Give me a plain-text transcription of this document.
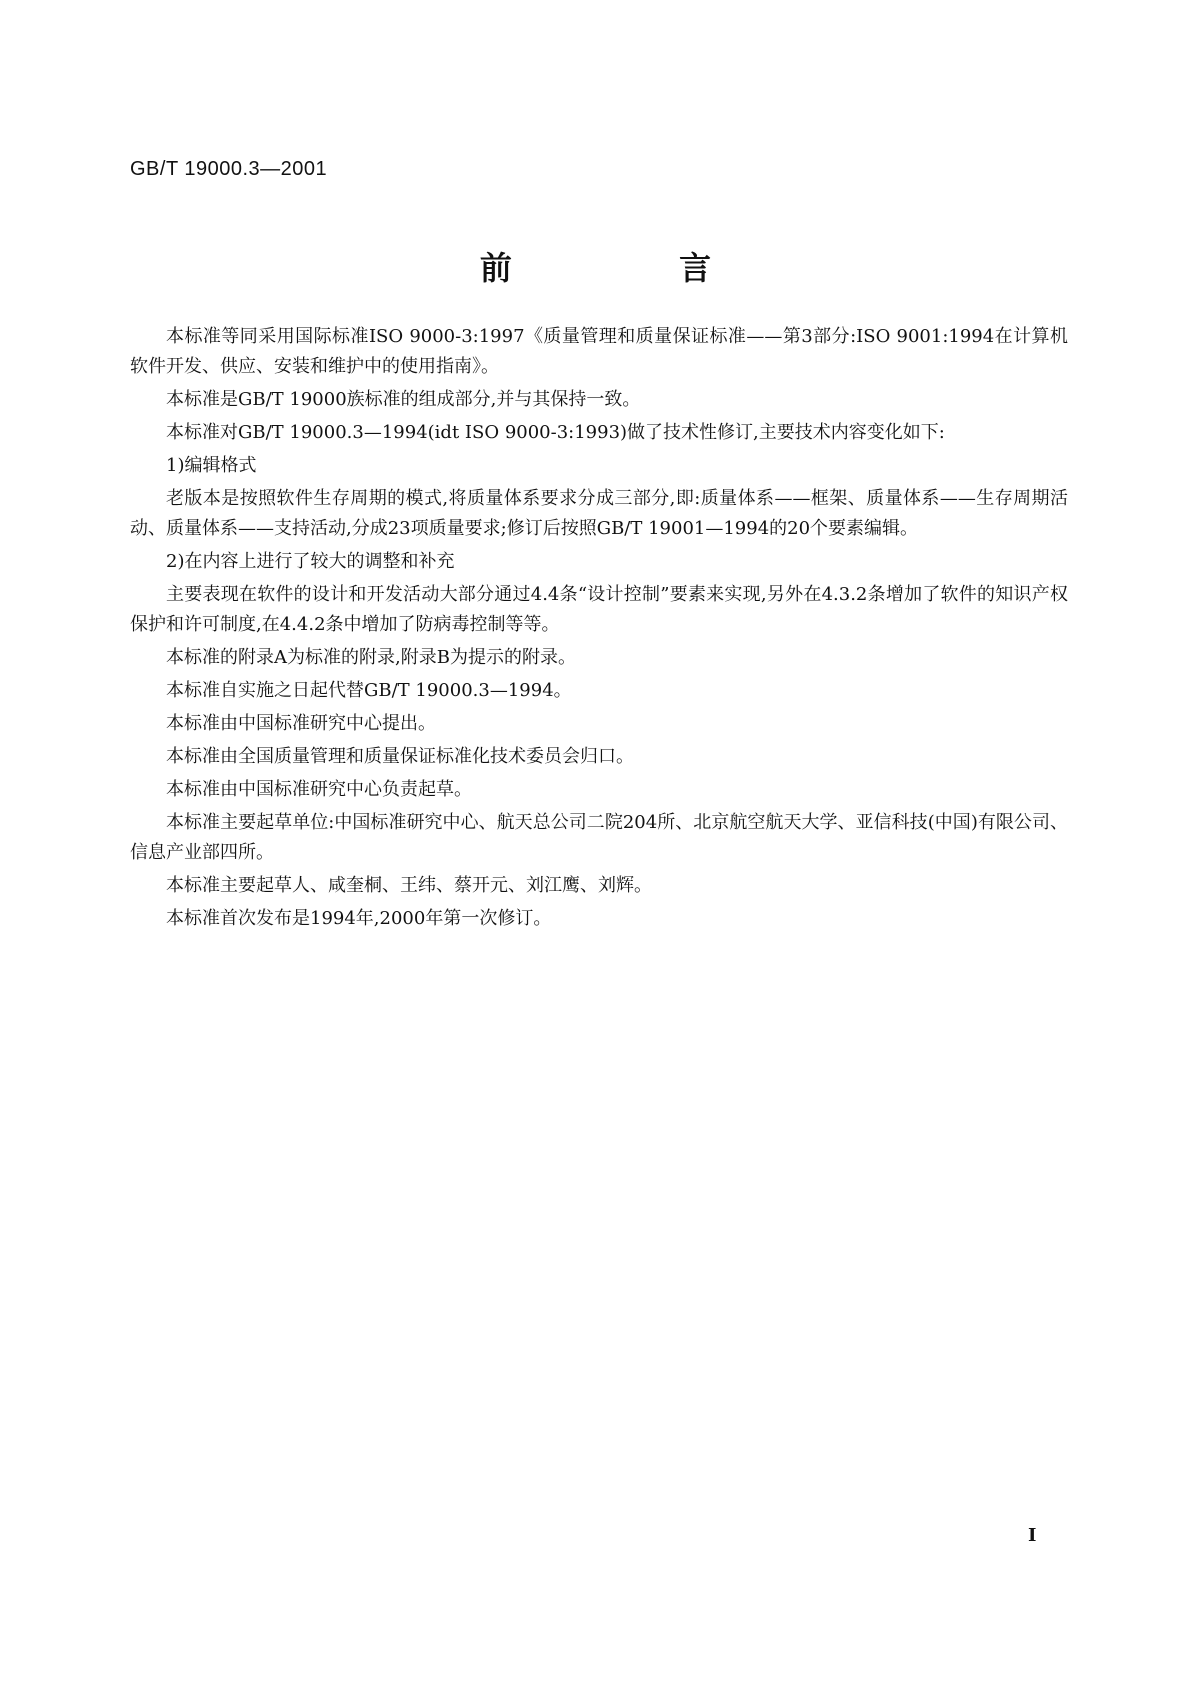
GB/T 19000.3—2001
前 言

本标准等同采用国际标准ISO 9000-3:1997《质量管理和质量保证标准——第3部分:ISO 9001:1994在计算机软件开发、供应、安装和维护中的使用指南》。

本标准是GB/T 19000族标准的组成部分,并与其保持一致。

本标准对GB/T 19000.3—1994(idt ISO 9000-3:1993)做了技术性修订,主要技术内容变化如下:

1)编辑格式

老版本是按照软件生存周期的模式,将质量体系要求分成三部分,即:质量体系——框架、质量体系——生存周期活动、质量体系——支持活动,分成23项质量要求;修订后按照GB/T 19001—1994的20个要素编辑。

2)在内容上进行了较大的调整和补充

主要表现在软件的设计和开发活动大部分通过4.4条“设计控制”要素来实现,另外在4.3.2条增加了软件的知识产权保护和许可制度,在4.4.2条中增加了防病毒控制等等。

本标准的附录A为标准的附录,附录B为提示的附录。

本标准自实施之日起代替GB/T 19000.3—1994。

本标准由中国标准研究中心提出。

本标准由全国质量管理和质量保证标准化技术委员会归口。

本标准由中国标准研究中心负责起草。

本标准主要起草单位:中国标准研究中心、航天总公司二院204所、北京航空航天大学、亚信科技(中国)有限公司、信息产业部四所。

本标准主要起草人、咸奎桐、王纬、蔡开元、刘江鹰、刘辉。

本标准首次发布是1994年,2000年第一次修订。

I
